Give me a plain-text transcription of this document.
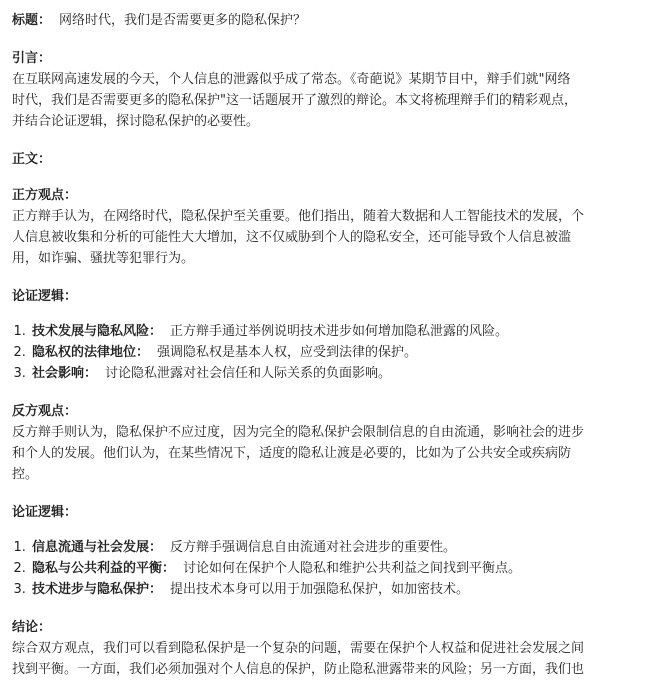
标题： 网络时代，我们是否需要更多的隐私保护？
引言：
在互联网高速发展的今天，个人信息的泄露似乎成了常态。《奇葩说》某期节目中，辩手们就"网络
时代，我们是否需要更多的隐私保护"这一话题展开了激烈的辩论。本文将梳理辩手们的精彩观点，
并结合论证逻辑，探讨隐私保护的必要性。
正文：
正方观点：
正方辩手认为，在网络时代，隐私保护至关重要。他们指出，随着大数据和人工智能技术的发展，个
人信息被收集和分析的可能性大大增加，这不仅威胁到个人的隐私安全，还可能导致个人信息被滥
用，如诈骗、骚扰等犯罪行为。
论证逻辑：
1. 技术发展与隐私风险： 正方辩手通过举例说明技术进步如何增加隐私泄露的风险。
2. 隐私权的法律地位： 强调隐私权是基本人权，应受到法律的保护。
3. 社会影响： 讨论隐私泄露对社会信任和人际关系的负面影响。
反方观点：
反方辩手则认为，隐私保护不应过度，因为完全的隐私保护会限制信息的自由流通，影响社会的进步
和个人的发展。他们认为，在某些情况下，适度的隐私让渡是必要的，比如为了公共安全或疾病防
控。
论证逻辑：
1. 信息流通与社会发展： 反方辩手强调信息自由流通对社会进步的重要性。
2. 隐私与公共利益的平衡： 讨论如何在保护个人隐私和维护公共利益之间找到平衡点。
3. 技术进步与隐私保护： 提出技术本身可以用于加强隐私保护，如加密技术。
结论：
综合双方观点，我们可以看到隐私保护是一个复杂的问题，需要在保护个人权益和促进社会发展之间
找到平衡。一方面，我们必须加强对个人信息的保护，防止隐私泄露带来的风险；另一方面，我们也
